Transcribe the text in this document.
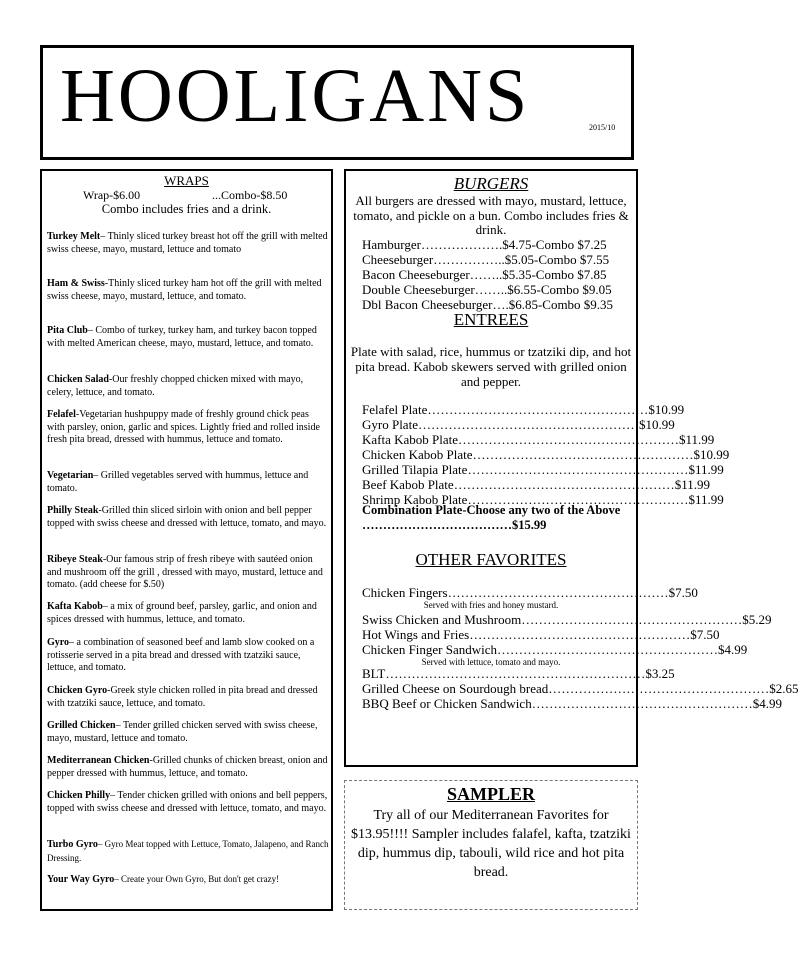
HOOLIGANS	2015/10
WRAPS
Wrap-$6.00	...Combo-$8.50
Combo includes fries and a drink.
Turkey Melt– Thinly sliced turkey breast hot off the grill with melted swiss cheese, mayo, mustard, lettuce and tomato
Ham & Swiss-Thinly sliced turkey ham hot off the grill with melted swiss cheese, mayo, mustard, lettuce, and tomato.
Pita Club– Combo of turkey, turkey ham, and turkey bacon topped with melted American cheese, mayo, mustard, lettuce, and tomato.
Chicken Salad-Our freshly chopped chicken mixed with mayo, celery, lettuce, and tomato.
Felafel-Vegetarian hushpuppy made of freshly ground chick peas with parsley, onion, garlic and spices. Lightly fried and rolled inside fresh pita bread, dressed with hummus, lettuce and tomato.
Vegetarian– Grilled vegetables served with hummus, lettuce and tomato.
Philly Steak-Grilled thin sliced sirloin with onion and bell pepper topped with swiss cheese and dressed with lettuce, tomato, and mayo.
Ribeye Steak-Our famous strip of fresh ribeye with sautéed onion and mushroom off the grill , dressed with mayo, mustard, lettuce and tomato. (add cheese for $.50)
Kafta Kabob– a mix of ground beef, parsley, garlic, and onion and spices dressed with hummus, lettuce, and tomato.
Gyro– a combination of seasoned beef and lamb slow cooked on a rotisserie served in a pita bread and dressed with tzatziki sauce, lettuce, and tomato.
Chicken Gyro-Greek style chicken rolled in pita bread and dressed with tzatziki sauce, lettuce, and tomato.
Grilled Chicken– Tender grilled chicken served with swiss cheese, mayo, mustard, lettuce and tomato.
Mediterranean Chicken-Grilled chunks of chicken breast, onion and pepper dressed with hummus, lettuce, and tomato.
Chicken Philly– Tender chicken grilled with onions and bell peppers, topped with swiss cheese and dressed with lettuce, tomato, and mayo.
Turbo Gyro– Gyro Meat topped with Lettuce, Tomato, Jalapeno, and Ranch Dressing.
Your Way Gyro– Create your Own Gyro, But don't get crazy!
BURGERS
All burgers are dressed with mayo, mustard, lettuce, tomato, and pickle on a bun. Combo includes fries & drink.
Hamburger……………….$4.75-Combo $7.25
Cheeseburger……………..$5.05-Combo $7.55
Bacon Cheeseburger……..$5.35-Combo $7.85
Double Cheeseburger……..$6.55-Combo $9.05
Dbl Bacon Cheeseburger….$6.85-Combo $9.35
ENTREES
Plate with salad, rice, hummus or tzatziki dip, and hot pita bread. Kabob skewers served with grilled onion and pepper.
Felafel Plate …………………………………………… $10.99
Gyro Plate …………………………………………… $10.99
Kafta Kabob Plate …………………………………………… $11.99
Chicken Kabob Plate …………………………………………… $10.99
Grilled Tilapia Plate …………………………………………… $11.99
Beef Kabob Plate …………………………………………… $11.99
Shrimp Kabob Plate …………………………………………… $11.99
Combination Plate-Choose any two of the Above ………………………………$15.99
OTHER FAVORITES
Chicken Fingers …………………………………………… $7.50
Served with fries and honey mustard.
Swiss Chicken and Mushroom …………………………………………… $5.29
Hot Wings and Fries …………………………………………… $7.50
Chicken Finger Sandwich …………………………………………… $4.99
Served with lettuce, tomato and mayo.
BLT …………………………………………………… $3.25
Grilled Cheese on Sourdough bread …………………………………………… $2.65
BBQ Beef or Chicken Sandwich …………………………………………… $4.99
SAMPLER
Try all of our Mediterranean Favorites for $13.95!!!! Sampler includes falafel, kafta, tzatziki dip, hummus dip, tabouli, wild rice and hot pita bread.
